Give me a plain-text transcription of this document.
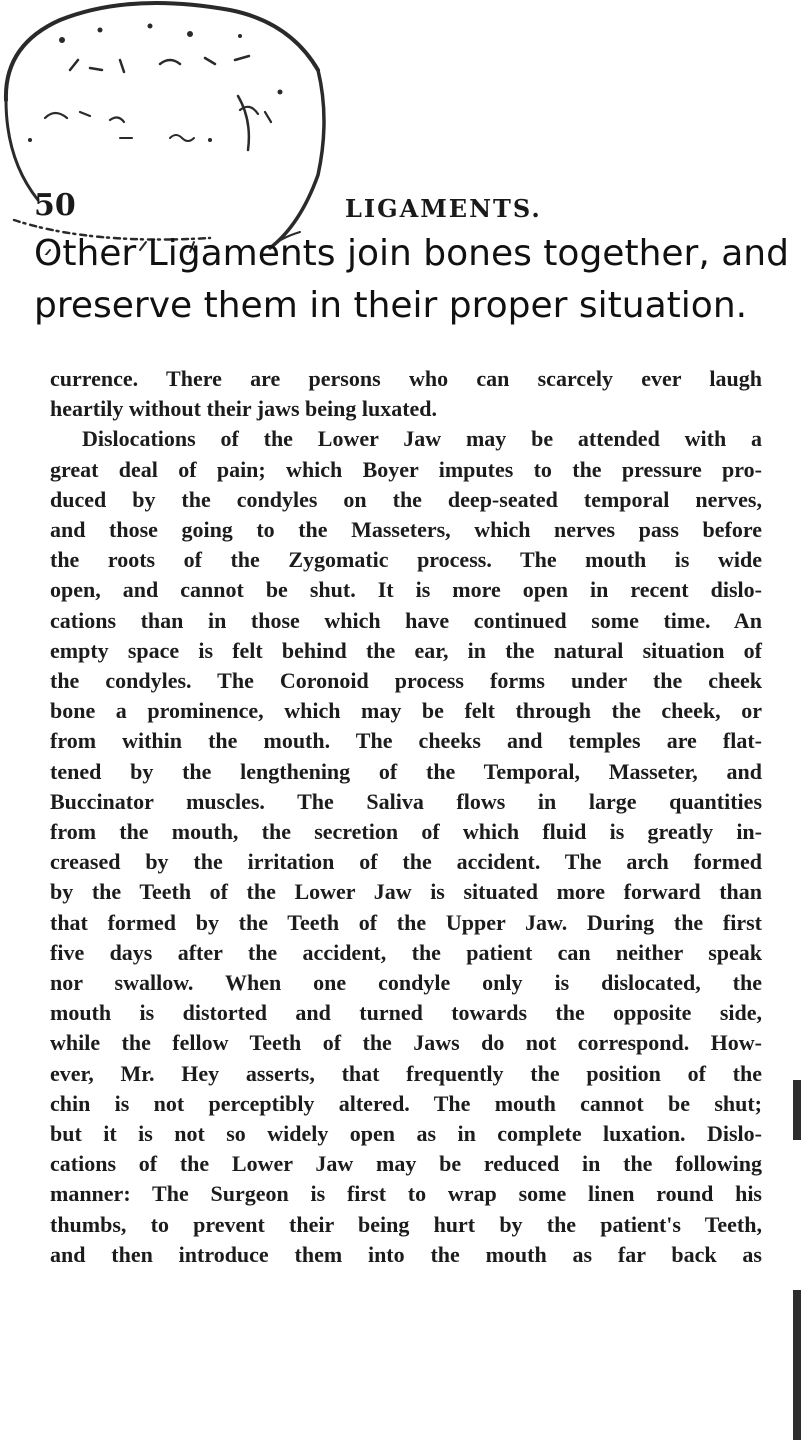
50	LIGAMENTS.
Other Ligaments join bones together, and
preserve them in their proper situation.
currence. There are persons who can scarcely ever laugh
heartily without their jaws being luxated.
Dislocations of the Lower Jaw may be attended with a
great deal of pain; which Boyer imputes to the pressure pro-
duced by the condyles on the deep-seated temporal nerves,
and those going to the Masseters, which nerves pass before
the roots of the Zygomatic process. The mouth is wide
open, and cannot be shut. It is more open in recent dislo-
cations than in those which have continued some time. An
empty space is felt behind the ear, in the natural situation of
the condyles. The Coronoid process forms under the cheek
bone a prominence, which may be felt through the cheek, or
from within the mouth. The cheeks and temples are flat-
tened by the lengthening of the Temporal, Masseter, and
Buccinator muscles. The Saliva flows in large quantities
from the mouth, the secretion of which fluid is greatly in-
creased by the irritation of the accident. The arch formed
by the Teeth of the Lower Jaw is situated more forward than
that formed by the Teeth of the Upper Jaw. During the first
five days after the accident, the patient can neither speak
nor swallow. When one condyle only is dislocated, the
mouth is distorted and turned towards the opposite side,
while the fellow Teeth of the Jaws do not correspond. How-
ever, Mr. Hey asserts, that frequently the position of the
chin is not perceptibly altered. The mouth cannot be shut;
but it is not so widely open as in complete luxation. Dislo-
cations of the Lower Jaw may be reduced in the following
manner: The Surgeon is first to wrap some linen round his
thumbs, to prevent their being hurt by the patient's Teeth,
and then introduce them into the mouth as far back as
